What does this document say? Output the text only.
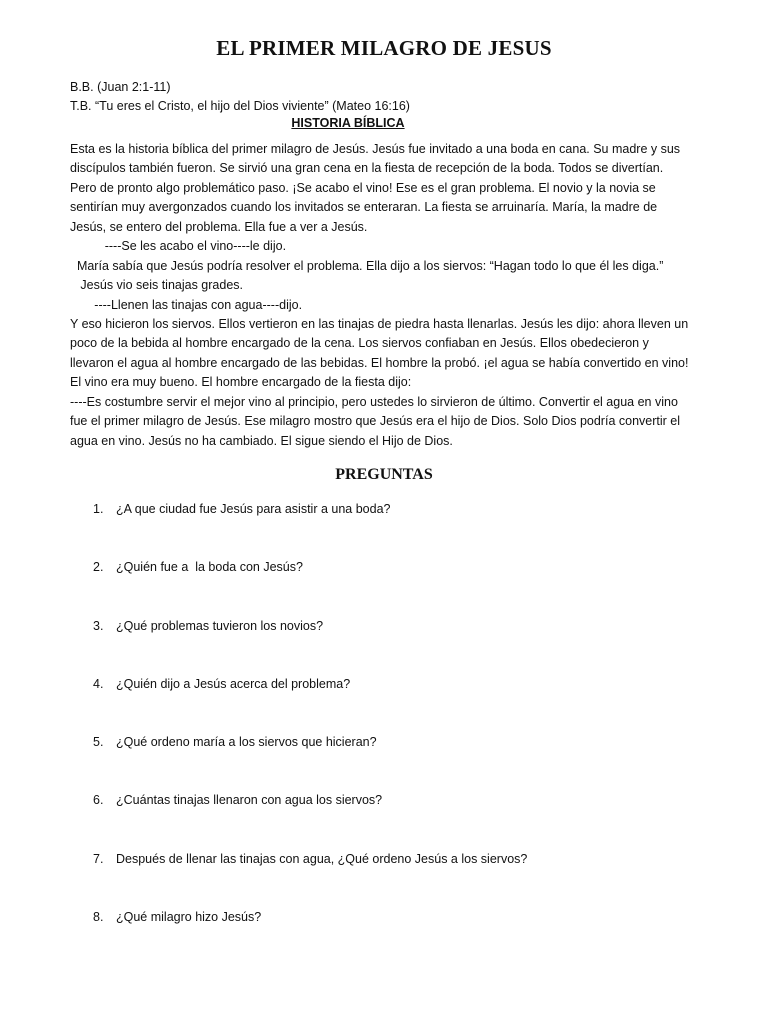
EL PRIMER MILAGRO DE JESUS
B.B. (Juan 2:1-11)
T.B. “Tu eres el Cristo, el hijo del Dios viviente” (Mateo 16:16)
HISTORIA BÍBLICA
Esta es la historia bíblica del primer milagro de Jesús. Jesús fue invitado a una boda en cana. Su madre y sus
discípulos también fueron. Se sirvió una gran cena en la fiesta de recepción de la boda. Todos se divertían.
Pero de pronto algo problemático paso. ¡Se acabo el vino! Ese es el gran problema. El novio y la novia se
sentirían muy avergonzados cuando los invitados se enteraran. La fiesta se arruinaría. María, la madre de
Jesús, se entero del problema. Ella fue a ver a Jesús.
----Se les acabo el vino----le dijo.
María sabía que Jesús podría resolver el problema. Ella dijo a los siervos: “Hagan todo lo que él les diga.”
Jesús vio seis tinajas grades.
----Llenen las tinajas con agua----dijo.
Y eso hicieron los siervos. Ellos vertieron en las tinajas de piedra hasta llenarlas. Jesús les dijo: ahora lleven un
poco de la bebida al hombre encargado de la cena. Los siervos confiaban en Jesús. Ellos obedecieron y
llevaron el agua al hombre encargado de las bebidas. El hombre la probó. ¡el agua se había convertido en vino!
El vino era muy bueno. El hombre encargado de la fiesta dijo:
----Es costumbre servir el mejor vino al principio, pero ustedes lo sirvieron de último. Convertir el agua en vino
fue el primer milagro de Jesús. Ese milagro mostro que Jesús era el hijo de Dios. Solo Dios podría convertir el
agua en vino. Jesús no ha cambiado. El sigue siendo el Hijo de Dios.
PREGUNTAS
1. ¿A que ciudad fue Jesús para asistir a una boda?
2. ¿Quién fue a  la boda con Jesús?
3. ¿Qué problemas tuvieron los novios?
4. ¿Quién dijo a Jesús acerca del problema?
5. ¿Qué ordeno maría a los siervos que hicieran?
6. ¿Cuántas tinajas llenaron con agua los siervos?
7. Después de llenar las tinajas con agua, ¿Qué ordeno Jesús a los siervos?
8. ¿Qué milagro hizo Jesús?
